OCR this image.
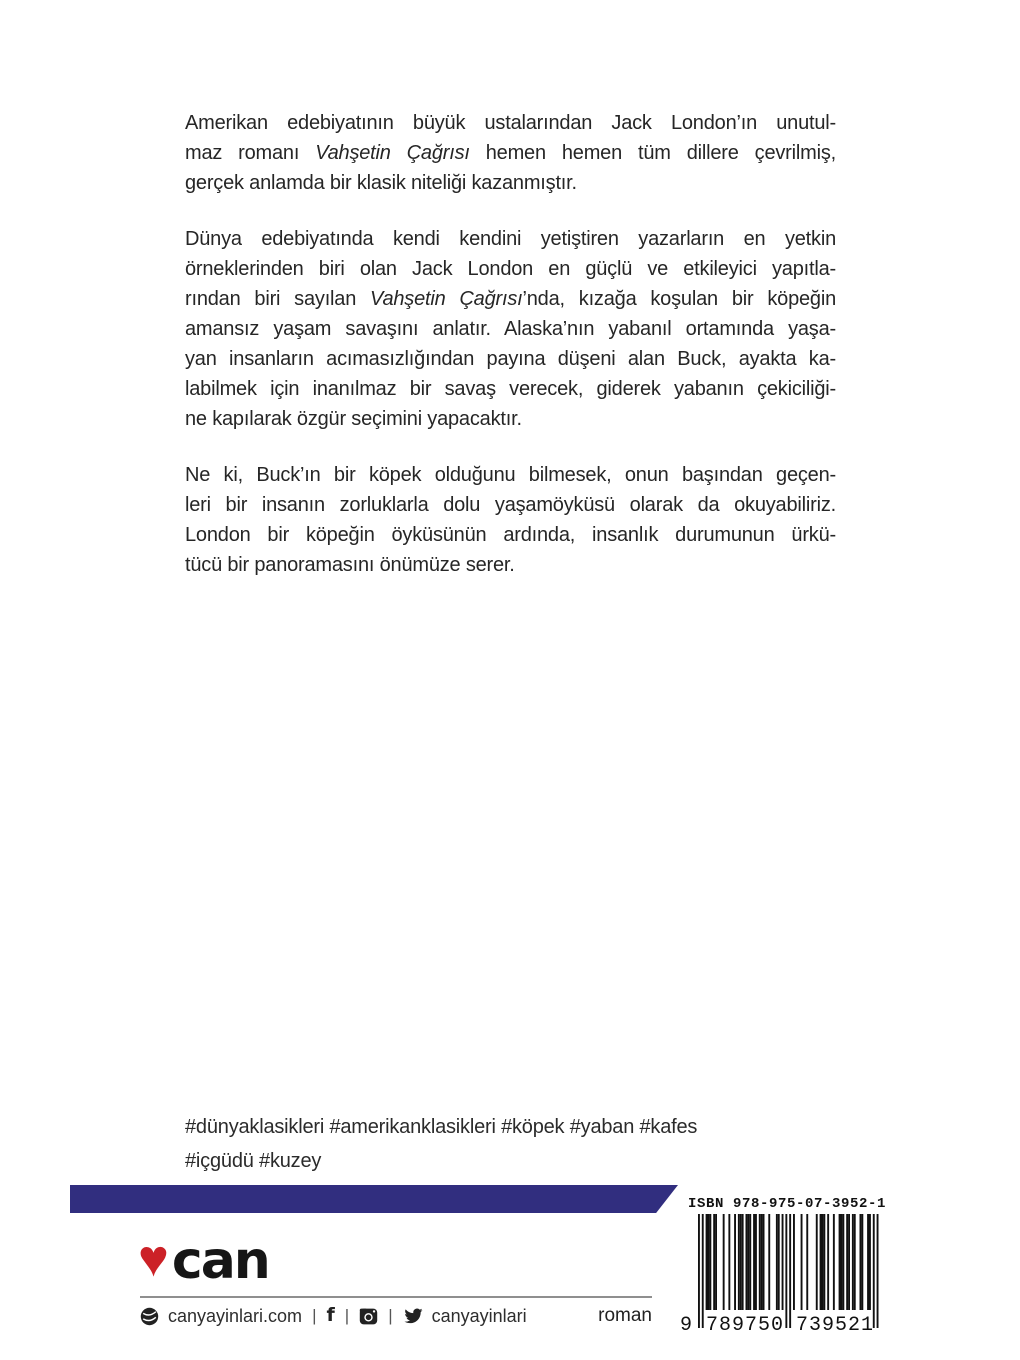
Amerikan edebiyatının büyük ustalarından Jack London’ın unutul-
maz romanı Vahşetin Çağrısı hemen hemen tüm dillere çevrilmiş,
gerçek anlamda bir klasik niteliği kazanmıştır.
Dünya edebiyatında kendi kendini yetiştiren yazarların en yetkin
örneklerinden biri olan Jack London en güçlü ve etkileyici yapıtla-
rından biri sayılan Vahşetin Çağrısı’nda, kızağa koşulan bir köpeğin
amansız yaşam savaşını anlatır. Alaska’nın yabanıl ortamında yaşa-
yan insanların acımasızlığından payına düşeni alan Buck, ayakta ka-
labilmek için inanılmaz bir savaş verecek, giderek yabanın çekiciliği-
ne kapılarak özgür seçimini yapacaktır.
Ne ki, Buck’ın bir köpek olduğunu bilmesek, onun başından geçen-
leri bir insanın zorluklarla dolu yaşamöyküsü olarak da okuyabiliriz.
London bir köpeğin öyküsünün ardında, insanlık durumunun ürkü-
tücü bir panoramasını önümüze serer.
#dünyaklasikleri #amerikanklasikleri #köpek #yaban #kafes
#içgüdü #kuzey
♥ can
canyayinlari.com | f | | canyayinlari	roman
ISBN 978-975-07-3952-1
9 789750 739521
